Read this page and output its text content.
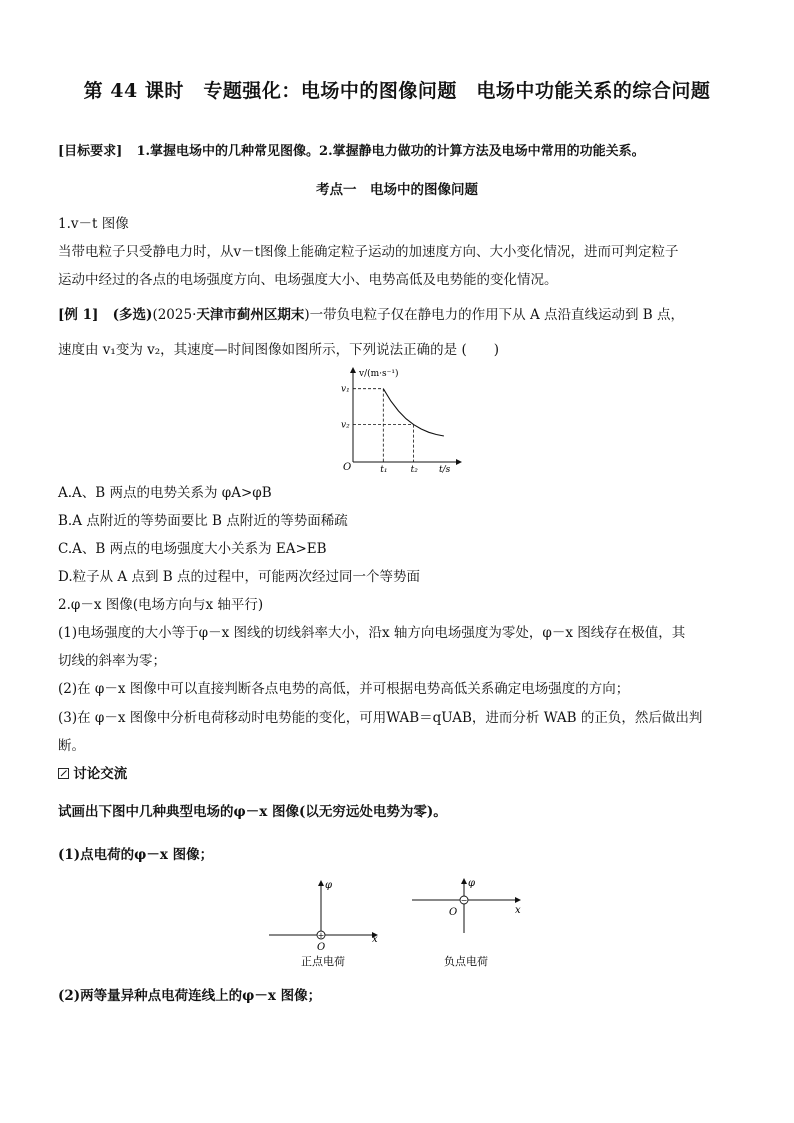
第 44 课时　专题强化：电场中的图像问题　电场中功能关系的综合问题
[目标要求] 1.掌握电场中的几种常见图像。2.掌握静电力做功的计算方法及电场中常用的功能关系。
考点一　电场中的图像问题
1.v－t 图像
当带电粒子只受静电力时，从v－t图像上能确定粒子运动的加速度方向、大小变化情况，进而可判定粒子
运动中经过的各点的电场强度方向、电场强度大小、电势高低及电势能的变化情况。
[例 1] (多选)(2025·天津市蓟州区期末)一带负电粒子仅在静电力的作用下从 A 点沿直线运动到 B 点，
速度由 v₁变为 v₂，其速度—时间图像如图所示，下列说法正确的是 (　　)
v/(m·s⁻¹)
t/s
O
v₁
v₂
t₁	t₂
A.A、B 两点的电势关系为 φA>φB
B.A 点附近的等势面要比 B 点附近的等势面稀疏
C.A、B 两点的电场强度大小关系为 EA>EB
D.粒子从 A 点到 B 点的过程中，可能两次经过同一个等势面
2.φ－x 图像(电场方向与x 轴平行)
(1)电场强度的大小等于φ－x 图线的切线斜率大小，沿x 轴方向电场强度为零处，φ－x 图线存在极值，其
切线的斜率为零；
(2)在 φ－x 图像中可以直接判断各点电势的高低，并可根据电势高低关系确定电场强度的方向；
(3)在 φ－x 图像中分析电荷移动时电势能的变化，可用WAB＝qUAB，进而分析 WAB 的正负，然后做出判
断。
讨论交流
试画出下图中几种典型电场的φ－x 图像(以无穷远处电势为零)。
(1)点电荷的φ－x 图像；
φ
x
+
O
正点电荷
φ
x
−
O
负点电荷
(2)两等量异种点电荷连线上的φ－x 图像；
